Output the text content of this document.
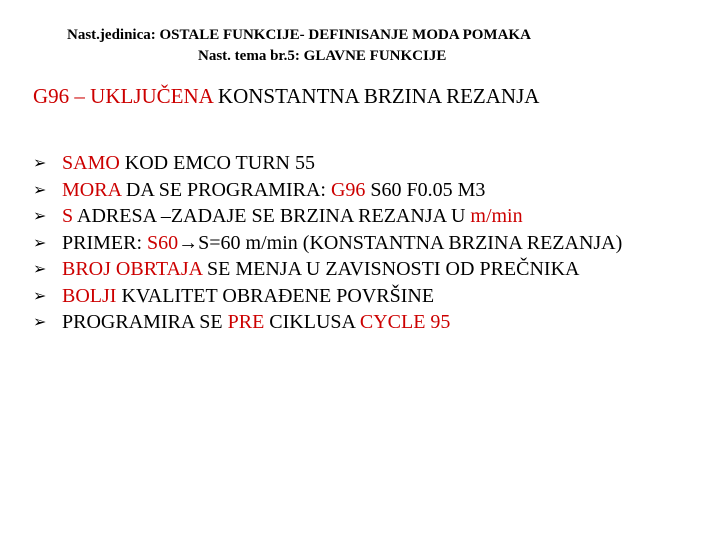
Nast.jedinica: OSTALE FUNKCIJE- DEFINISANJE MODA POMAKA
Nast. tema br.5: GLAVNE FUNKCIJE
G96 – UKLJUČENA KONSTANTNA BRZINA REZANJA
➢ SAMO KOD EMCO TURN 55
➢ MORA DA SE PROGRAMIRA: G96 S60 F0.05 M3
➢ S ADRESA –ZADAJE SE BRZINA REZANJA U m/min
➢ PRIMER: S60→S=60 m/min (KONSTANTNA BRZINA REZANJA)
➢ BROJ OBRTAJA SE MENJA U ZAVISNOSTI OD PREČNIKA
➢ BOLJI KVALITET OBRAĐENE POVRŠINE
➢ PROGRAMIRA SE PRE CIKLUSA CYCLE 95
